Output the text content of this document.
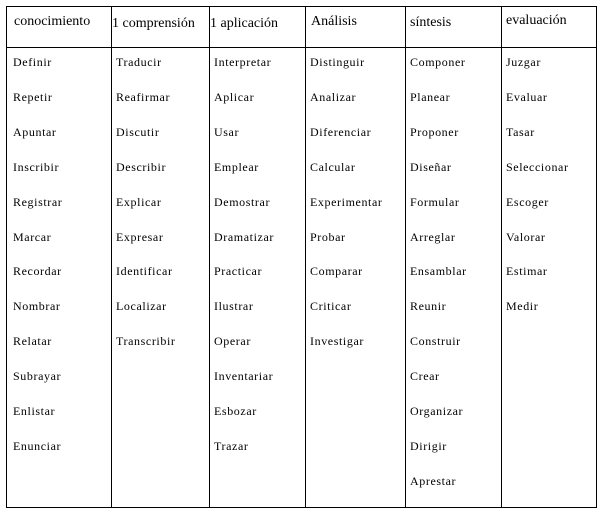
conocimiento 1 comprensión 1 aplicación Análisis	síntesis	evaluación
Definir
Repetir
Apuntar
Inscribir
Registrar
Marcar
Recordar
Nombrar
Relatar
Subrayar
Enlistar
Enunciar
Traducir
Reafirmar
Discutir
Describir
Explicar
Expresar
Identificar
Localizar
Transcribir
Interpretar
Aplicar
Usar
Emplear
Demostrar
Dramatizar
Practicar
Ilustrar
Operar
Inventariar
Esbozar
Trazar
Distinguir
Analizar
Diferenciar
Calcular
Experimentar
Probar
Comparar
Criticar
Investigar
Componer
Planear
Proponer
Diseñar
Formular
Arreglar
Ensamblar
Reunir
Construir
Crear
Organizar
Dirigir
Aprestar
Juzgar
Evaluar
Tasar
Seleccionar
Escoger
Valorar
Estimar
Medir
